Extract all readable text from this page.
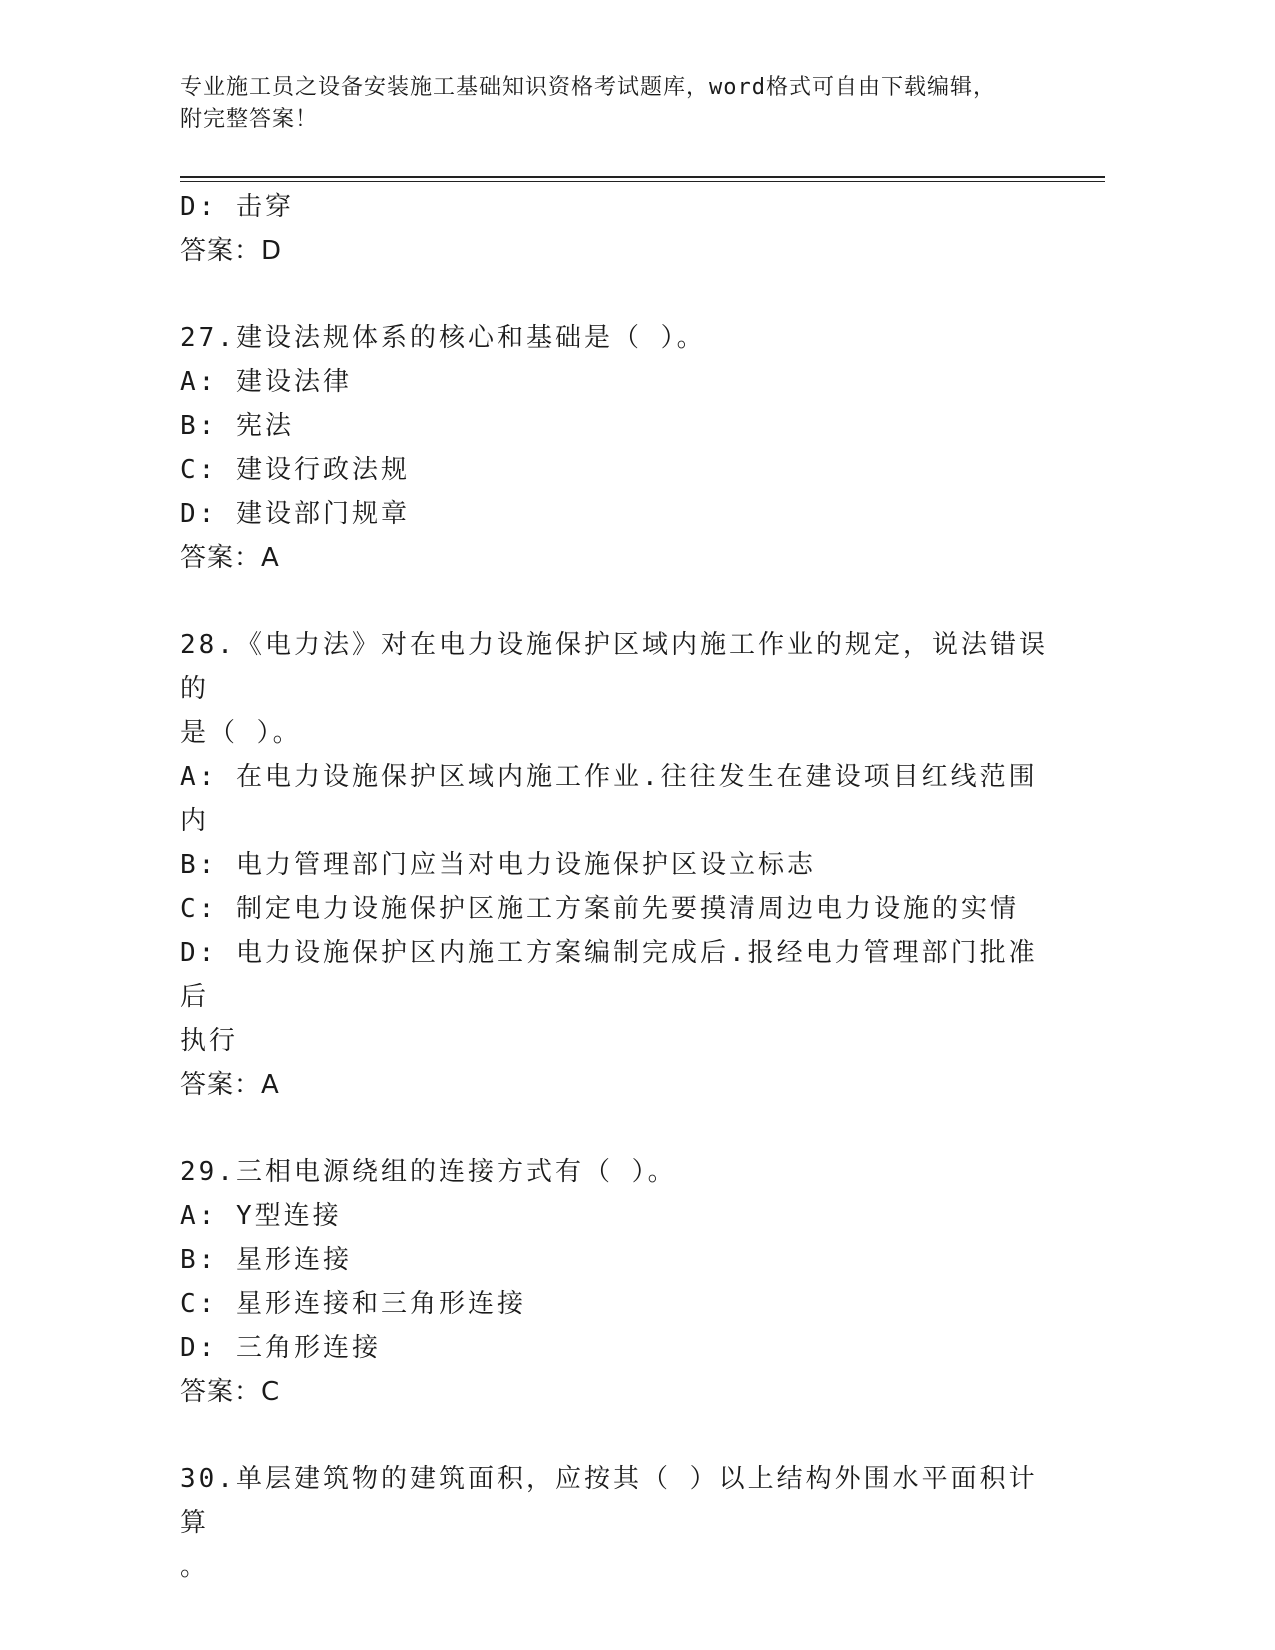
专业施工员之设备安装施工基础知识资格考试题库，word格式可自由下载编辑，
附完整答案！
D: 击穿
答案：D
27.建设法规体系的核心和基础是（ ）。
A: 建设法律
B: 宪法
C: 建设行政法规
D: 建设部门规章
答案：A
28.《电力法》对在电力设施保护区域内施工作业的规定，说法错误的
是（ ）。
A: 在电力设施保护区域内施工作业.往往发生在建设项目红线范围内
B: 电力管理部门应当对电力设施保护区设立标志
C: 制定电力设施保护区施工方案前先要摸清周边电力设施的实情
D: 电力设施保护区内施工方案编制完成后.报经电力管理部门批准后
执行
答案：A
29.三相电源绕组的连接方式有（ ）。
A: Y型连接
B: 星形连接
C: 星形连接和三角形连接
D: 三角形连接
答案：C
30.单层建筑物的建筑面积，应按其（ ）以上结构外围水平面积计算
。
